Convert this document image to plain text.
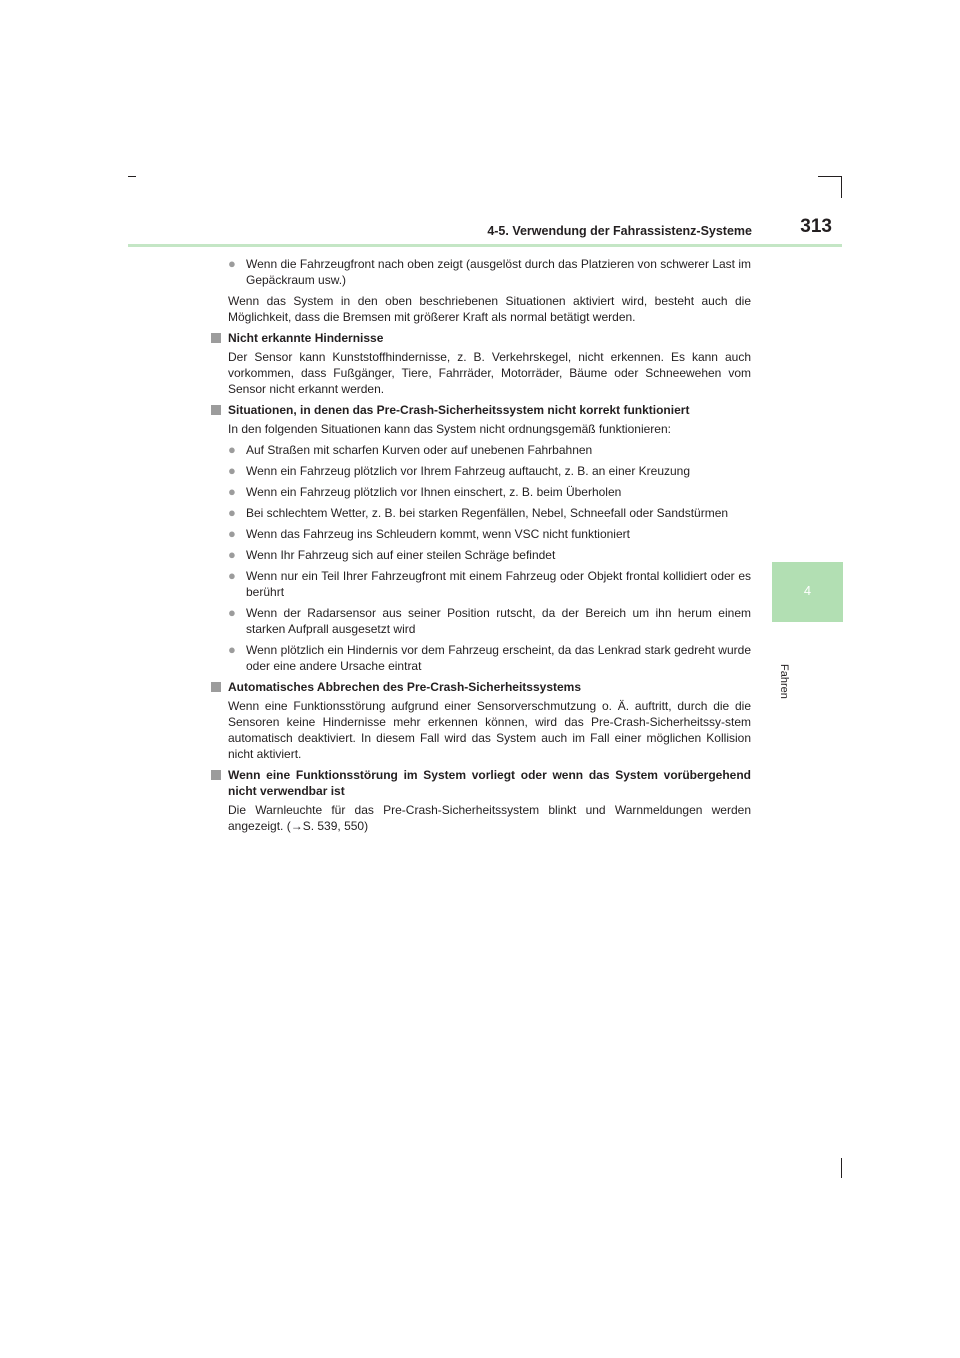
4-5. Verwendung der Fahrassistenz-Systeme	313
4
Fahren
● Wenn die Fahrzeugfront nach oben zeigt (ausgelöst durch das Platzieren von schwerer Last im Gepäckraum usw.)
Wenn das System in den oben beschriebenen Situationen aktiviert wird, besteht auch die Möglichkeit, dass die Bremsen mit größerer Kraft als normal betätigt werden.
Nicht erkannte Hindernisse
Der Sensor kann Kunststoffhindernisse, z. B. Verkehrskegel, nicht erkennen. Es kann auch vorkommen, dass Fußgänger, Tiere, Fahrräder, Motorräder, Bäume oder Schneewehen vom Sensor nicht erkannt werden.
Situationen, in denen das Pre-Crash-Sicherheitssystem nicht korrekt funktioniert
In den folgenden Situationen kann das System nicht ordnungsgemäß funktionieren:
● Auf Straßen mit scharfen Kurven oder auf unebenen Fahrbahnen
● Wenn ein Fahrzeug plötzlich vor Ihrem Fahrzeug auftaucht, z. B. an einer Kreuzung
● Wenn ein Fahrzeug plötzlich vor Ihnen einschert, z. B. beim Überholen
● Bei schlechtem Wetter, z. B. bei starken Regenfällen, Nebel, Schneefall oder Sandstürmen
● Wenn das Fahrzeug ins Schleudern kommt, wenn VSC nicht funktioniert
● Wenn Ihr Fahrzeug sich auf einer steilen Schräge befindet
● Wenn nur ein Teil Ihrer Fahrzeugfront mit einem Fahrzeug oder Objekt frontal kollidiert oder es berührt
● Wenn der Radarsensor aus seiner Position rutscht, da der Bereich um ihn herum einem starken Aufprall ausgesetzt wird
● Wenn plötzlich ein Hindernis vor dem Fahrzeug erscheint, da das Lenkrad stark gedreht wurde oder eine andere Ursache eintrat
Automatisches Abbrechen des Pre-Crash-Sicherheitssystems
Wenn eine Funktionsstörung aufgrund einer Sensorverschmutzung o. Ä. auftritt, durch die die Sensoren keine Hindernisse mehr erkennen können, wird das Pre-Crash-Sicherheitssy-stem automatisch deaktiviert. In diesem Fall wird das System auch im Fall einer möglichen Kollision nicht aktiviert.
Wenn eine Funktionsstörung im System vorliegt oder wenn das System vorübergehend nicht verwendbar ist
Die Warnleuchte für das Pre-Crash-Sicherheitssystem blinkt und Warnmeldungen werden angezeigt. (→S. 539, 550)
